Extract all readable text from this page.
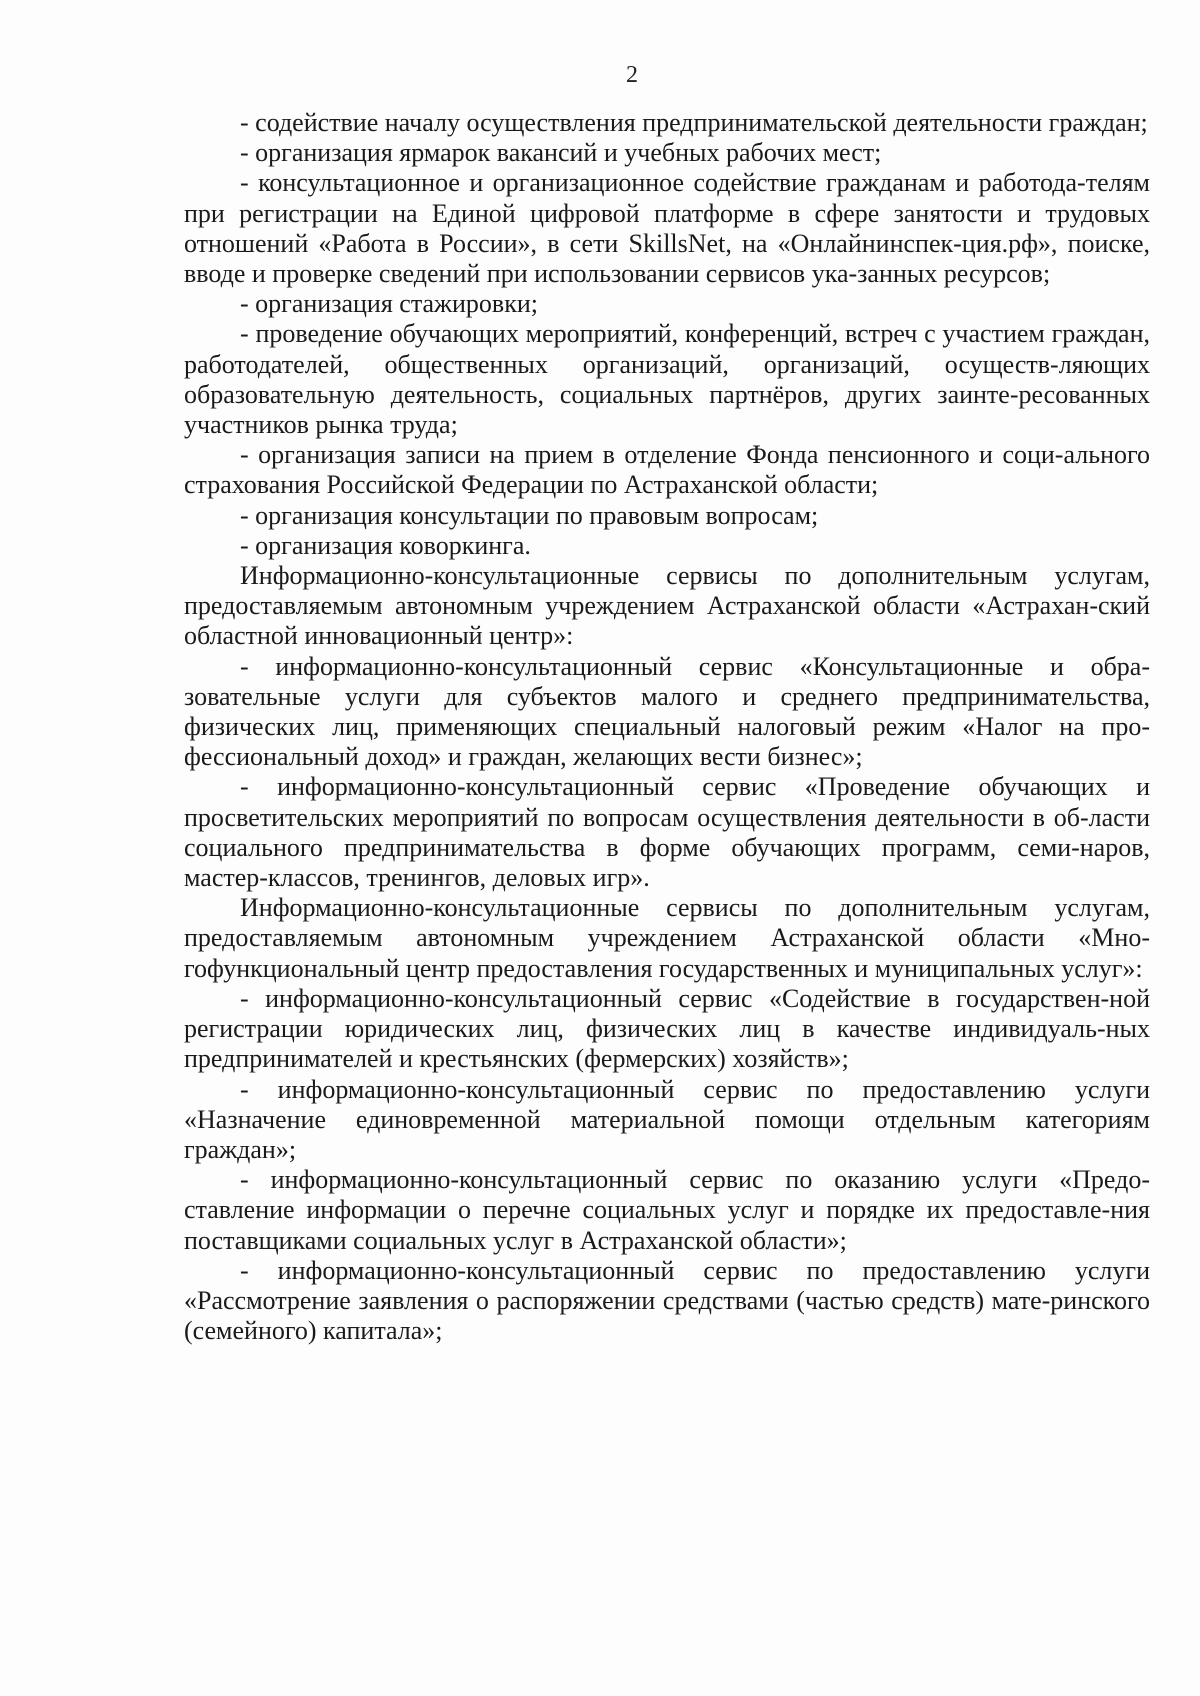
2

- содействие началу осуществления предпринимательской деятельности граждан;

- организация ярмарок вакансий и учебных рабочих мест;

- консультационное и организационное содействие гражданам и работода-телям при регистрации на Единой цифровой платформе в сфере занятости и трудовых отношений «Работа в России», в сети SkillsNet, на «Онлайнинспек-ция.рф», поиске, вводе и проверке сведений при использовании сервисов ука-занных ресурсов;

- организация стажировки;

- проведение обучающих мероприятий, конференций, встреч с участием граждан, работодателей, общественных организаций, организаций, осуществ-ляющих образовательную деятельность, социальных партнёров, других заинте-ресованных участников рынка труда;

- организация записи на прием в отделение Фонда пенсионного и соци-ального страхования Российской Федерации по Астраханской области;

- организация консультации по правовым вопросам;

- организация коворкинга.

Информационно-консультационные сервисы по дополнительным услугам, предоставляемым автономным учреждением Астраханской области «Астрахан-ский областной инновационный центр»:

- информационно-консультационный сервис «Консультационные и обра-зовательные услуги для субъектов малого и среднего предпринимательства, физических лиц, применяющих специальный налоговый режим «Налог на про-фессиональный доход» и граждан, желающих вести бизнес»;

- информационно-консультационный сервис «Проведение обучающих и просветительских мероприятий по вопросам осуществления деятельности в об-ласти социального предпринимательства в форме обучающих программ, семи-наров, мастер-классов, тренингов, деловых игр».

Информационно-консультационные сервисы по дополнительным услугам, предоставляемым автономным учреждением Астраханской области «Мно-гофункциональный центр предоставления государственных и муниципальных услуг»:

- информационно-консультационный сервис «Содействие в государствен-ной регистрации юридических лиц, физических лиц в качестве индивидуаль-ных предпринимателей и крестьянских (фермерских) хозяйств»;

- информационно-консультационный сервис по предоставлению услуги «Назначение единовременной материальной помощи отдельным категориям граждан»;

- информационно-консультационный сервис по оказанию услуги «Предо-ставление информации о перечне социальных услуг и порядке их предоставле-ния поставщиками социальных услуг в Астраханской области»;

- информационно-консультационный сервис по предоставлению услуги «Рассмотрение заявления о распоряжении средствами (частью средств) мате-ринского (семейного) капитала»;
